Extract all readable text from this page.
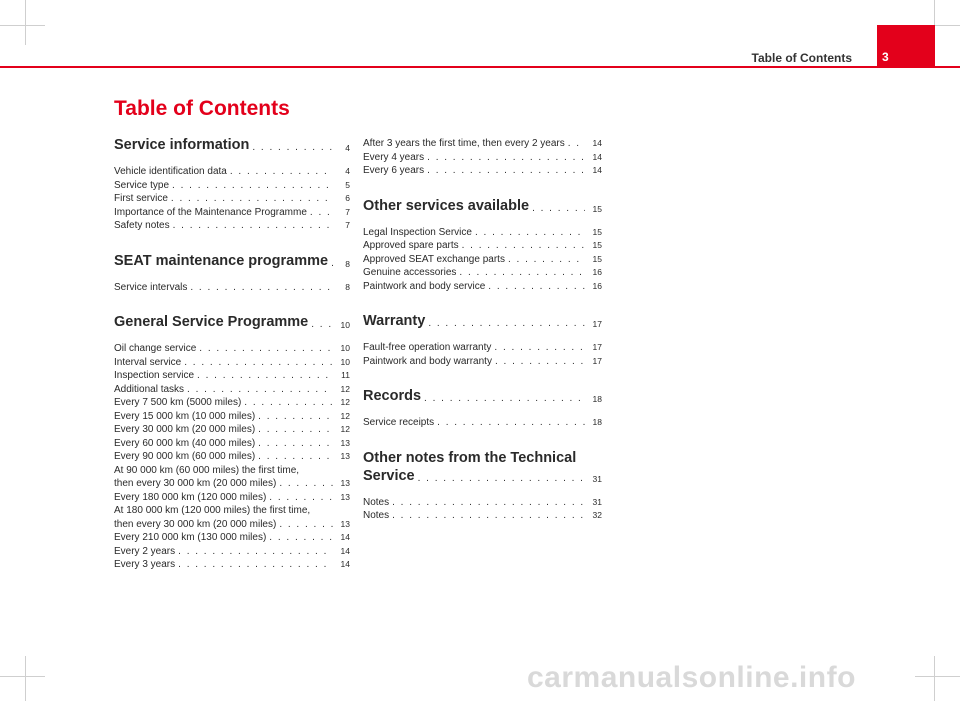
Table of Contents	3
Table of Contents
Service information . . .	4
Vehicle identification data . . .	4
Service type . . .	5
First service . . .	6
Importance of the Maintenance Programme . . .	7
Safety notes . . .	7
SEAT maintenance programme . . .	8
Service intervals . . .	8
General Service Programme . . .	10
Oil change service . . .	10
Interval service . . .	10
Inspection service . . .	11
Additional tasks . . .	12
Every 7 500 km (5000 miles) . . .	12
Every 15 000 km (10 000 miles) . . .	12
Every 30 000 km (20 000 miles) . . .	12
Every 60 000 km (40 000 miles) . . .	13
Every 90 000 km (60 000 miles) . . .	13
At 90 000 km (60 000 miles) the first time,
then every 30 000 km (20 000 miles) . . .	13
Every 180 000 km (120 000 miles) . . .	13
At 180 000 km (120 000 miles) the first time,
then every 30 000 km (20 000 miles) . . .	13
Every 210 000 km (130 000 miles) . . .	14
Every 2 years . . .	14
Every 3 years . . .	14
After 3 years the first time, then every 2 years . . .	14
Every 4 years . . .	14
Every 6 years . . .	14
Other services available . . .	15
Legal Inspection Service . . .	15
Approved spare parts . . .	15
Approved SEAT exchange parts . . .	15
Genuine accessories . . .	16
Paintwork and body service . . .	16
Warranty . . .	17
Fault-free operation warranty . . .	17
Paintwork and body warranty . . .	17
Records . . .	18
Service receipts . . .	18
Other notes from the Technical
Service . . .	31
Notes . . .	31
Notes . . .	32
carmanualsonline.info
